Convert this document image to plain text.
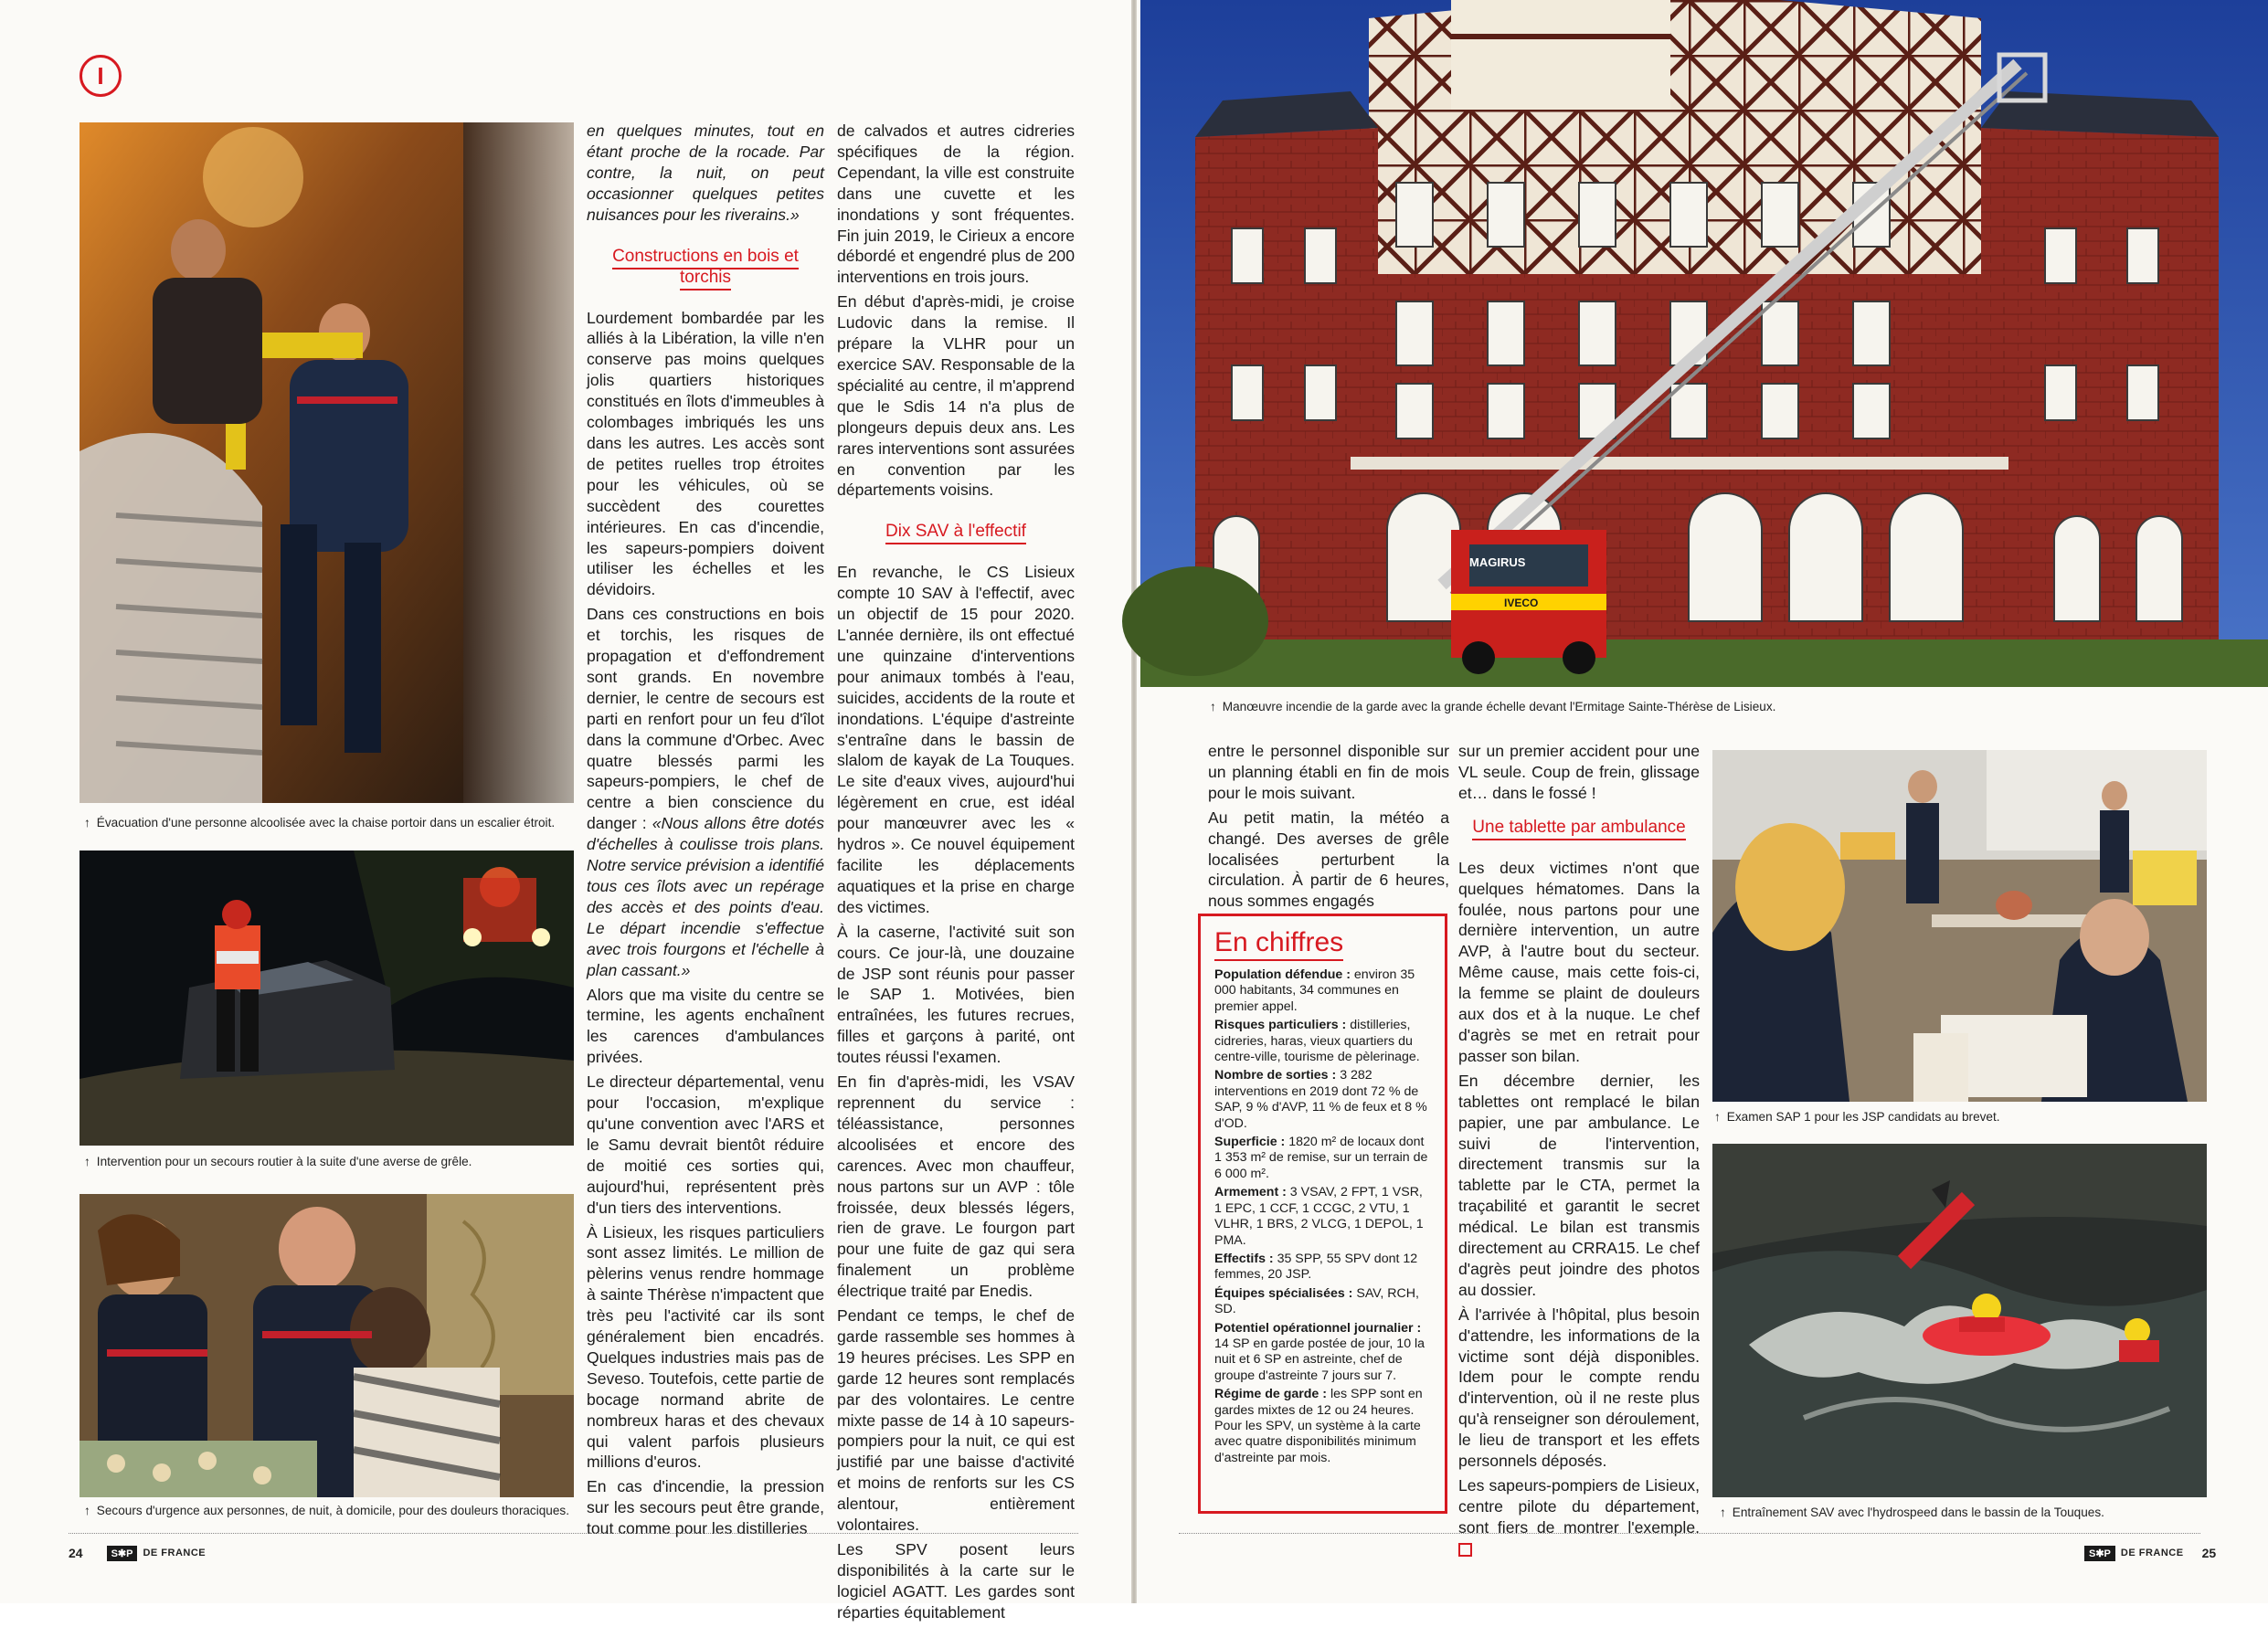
I
↑ Évacuation d'une personne alcoolisée avec la chaise portoir dans un escalier étroit.
↑ Intervention pour un secours routier à la suite d'une averse de grêle.
↑ Secours d'urgence aux personnes, de nuit, à domicile, pour des douleurs thoraciques.

en quelques minutes, tout en étant proche de la rocade. Par contre, la nuit, on peut occasionner quelques petites nuisances pour les riverains.»

Constructions en bois et torchis

Lourdement bombardée par les alliés à la Libération, la ville n'en conserve pas moins quelques jolis quartiers historiques constitués en îlots d'immeubles à colombages imbriqués les uns dans les autres. Les accès sont de petites ruelles trop étroites pour les véhicules, où se succèdent des courettes intérieures. En cas d'incendie, les sapeurs-pompiers doivent utiliser les échelles et les dévidoirs.

Dans ces constructions en bois et torchis, les risques de propagation et d'effondrement sont grands. En novembre dernier, le centre de secours est parti en renfort pour un feu d'îlot dans la commune d'Orbec. Avec quatre blessés parmi les sapeurs-pompiers, le chef de centre a bien conscience du danger : «Nous allons être dotés d'échelles à coulisse trois plans. Notre service prévision a identifié tous ces îlots avec un repérage des accès et des points d'eau. Le départ incendie s'effectue avec trois fourgons et l'échelle à plan cassant.»

Alors que ma visite du centre se termine, les agents enchaînent les carences d'ambulances privées.

Le directeur départemental, venu pour l'occasion, m'explique qu'une convention avec l'ARS et le Samu devrait bientôt réduire de moitié ces sorties qui, aujourd'hui, représentent près d'un tiers des interventions.

À Lisieux, les risques particuliers sont assez limités. Le million de pèlerins venus rendre hommage à sainte Thérèse n'impactent que très peu l'activité car ils sont généralement bien encadrés. Quelques industries mais pas de Seveso. Toutefois, cette partie de bocage normand abrite de nombreux haras et des chevaux qui valent parfois plusieurs millions d'euros.

En cas d'incendie, la pression sur les secours peut être grande, tout comme pour les distilleries

de calvados et autres cidreries spécifiques de la région. Cependant, la ville est construite dans une cuvette et les inondations y sont fréquentes. Fin juin 2019, le Cirieux a encore débordé et engendré plus de 200 interventions en trois jours.

En début d'après-midi, je croise Ludovic dans la remise. Il prépare la VLHR pour un exercice SAV. Responsable de la spécialité au centre, il m'apprend que le Sdis 14 n'a plus de plongeurs depuis deux ans. Les rares interventions sont assurées en convention par les départements voisins.

Dix SAV à l'effectif

En revanche, le CS Lisieux compte 10 SAV à l'effectif, avec un objectif de 15 pour 2020. L'année dernière, ils ont effectué une quinzaine d'interventions pour animaux tombés à l'eau, suicides, accidents de la route et inondations. L'équipe d'astreinte s'entraîne dans le bassin de slalom de kayak de La Touques. Le site d'eaux vives, aujourd'hui légèrement en crue, est idéal pour manœuvrer avec les « hydros ». Ce nouvel équipement facilite les déplacements aquatiques et la prise en charge des victimes.

À la caserne, l'activité suit son cours. Ce jour-là, une douzaine de JSP sont réunis pour passer le SAP 1. Motivées, bien entraînées, les futures recrues, filles et garçons à parité, ont toutes réussi l'examen.

En fin d'après-midi, les VSAV reprennent du service : téléassistance, personnes alcoolisées et encore des carences. Avec mon chauffeur, nous partons sur un AVP : tôle froissée, deux blessés légers, rien de grave. Le fourgon part pour une fuite de gaz qui sera finalement un problème électrique traité par Enedis.

Pendant ce temps, le chef de garde rassemble ses hommes à 19 heures précises. Les SPP en garde 12 heures sont remplacés par des volontaires. Le centre mixte passe de 14 à 10 sapeurs-pompiers pour la nuit, ce qui est justifié par une baisse d'activité et moins de renforts sur les CS alentour, entièrement volontaires.

Les SPV posent leurs disponibilités à la carte sur le logiciel AGATT. Les gardes sont réparties équitablement

24	S✱P	DE FRANCE
MAGIRUS
IVECO
↑ Manœuvre incendie de la garde avec la grande échelle devant l'Ermitage Sainte-Thérèse de Lisieux.

entre le personnel disponible sur un planning établi en fin de mois pour le mois suivant.

Au petit matin, la météo a changé. Des averses de grêle localisées perturbent la circulation. À partir de 6 heures, nous sommes engagés

En chiffres

Population défendue : environ 35 000 habitants, 34 communes en premier appel.

Risques particuliers : distilleries, cidreries, haras, vieux quartiers du centre-ville, tourisme de pèlerinage.

Nombre de sorties : 3 282 interventions en 2019 dont 72 % de SAP, 9 % d'AVP, 11 % de feux et 8 % d'OD.

Superficie : 1820 m² de locaux dont 1 353 m² de remise, sur un terrain de 6 000 m².

Armement : 3 VSAV, 2 FPT, 1 VSR, 1 EPC, 1 CCF, 1 CCGC, 2 VTU, 1 VLHR, 1 BRS, 2 VLCG, 1 DEPOL, 1 PMA.

Effectifs : 35 SPP, 55 SPV dont 12 femmes, 20 JSP.

Équipes spécialisées : SAV, RCH, SD.

Potentiel opérationnel journalier : 14 SP en garde postée de jour, 10 la nuit et 6 SP en astreinte, chef de groupe d'astreinte 7 jours sur 7.

Régime de garde : les SPP sont en gardes mixtes de 12 ou 24 heures. Pour les SPV, un système à la carte avec quatre disponibilités minimum d'astreinte par mois.

sur un premier accident pour une VL seule. Coup de frein, glissage et… dans le fossé !

Une tablette par ambulance

Les deux victimes n'ont que quelques hématomes. Dans la foulée, nous partons pour une dernière intervention, un autre AVP, à l'autre bout du secteur. Même cause, mais cette fois-ci, la femme se plaint de douleurs aux dos et à la nuque. Le chef d'agrès se met en retrait pour passer son bilan.

En décembre dernier, les tablettes ont remplacé le bilan papier, une par ambulance. Le suivi de l'intervention, directement transmis sur la tablette par le CTA, permet la traçabilité et garantit le secret médical. Le bilan est transmis directement au CRRA15. Le chef d'agrès peut joindre des photos au dossier.

À l'arrivée à l'hôpital, plus besoin d'attendre, les informations de la victime sont déjà disponibles. Idem pour le compte rendu d'intervention, où il ne reste plus qu'à renseigner son déroulement, le lieu de transport et les effets personnels déposés.

Les sapeurs-pompiers de Lisieux, centre pilote du département, sont fiers de montrer l'exemple.

↑ Examen SAP 1 pour les JSP candidats au brevet.
↑ Entraînement SAV avec l'hydrospeed dans le bassin de la Touques.
S✱P	DE FRANCE 25
